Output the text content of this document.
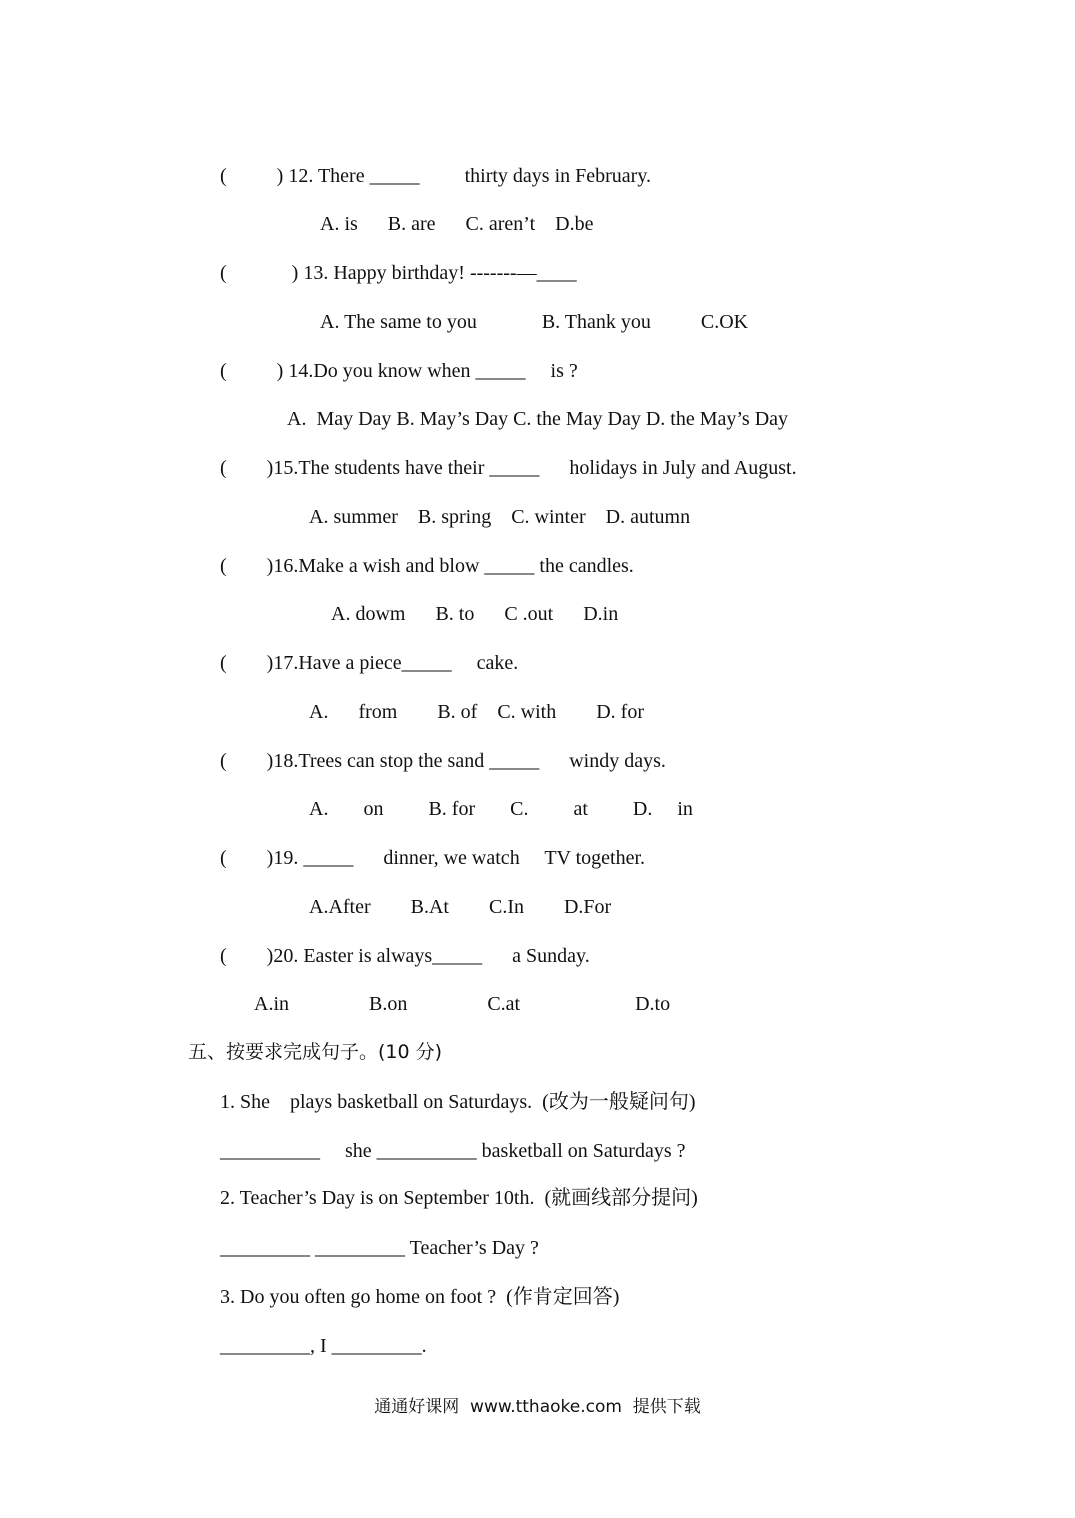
(          ) 12. There _____         thirty days in February.
A. is      B. are      C. aren’t    D.be
(             ) 13. Happy birthday! -------—____
A. The same to you             B. Thank you          C.OK
(          ) 14.Do you know when _____     is ?
A.  May Day B. May’s Day C. the May Day D. the May’s Day
(        )15.The students have their _____      holidays in July and August.
A. summer    B. spring    C. winter    D. autumn
(        )16.Make a wish and blow _____ the candles.
A. dowm      B. to      C .out      D.in
(        )17.Have a piece_____     cake.
A.      from        B. of    C. with        D. for
(        )18.Trees can stop the sand _____      windy days.
A.       on         B. for       C.         at         D.     in
(        )19. _____      dinner, we watch     TV together.
A.After        B.At        C.In        D.For
(        )20. Easter is always_____      a Sunday.
A.in                B.on                C.at                       D.to
五、按要求完成句子。(10 分)
1. She    plays basketball on Saturdays.  (改为一般疑问句)
__________     she __________ basketball on Saturdays ?
2. Teacher’s Day is on September 10th.  (就画线部分提问)
_________ _________ Teacher’s Day ?
3. Do you often go home on foot ?  (作肯定回答)
_________, I _________.
通通好课网  www.tthaoke.com  提供下载
